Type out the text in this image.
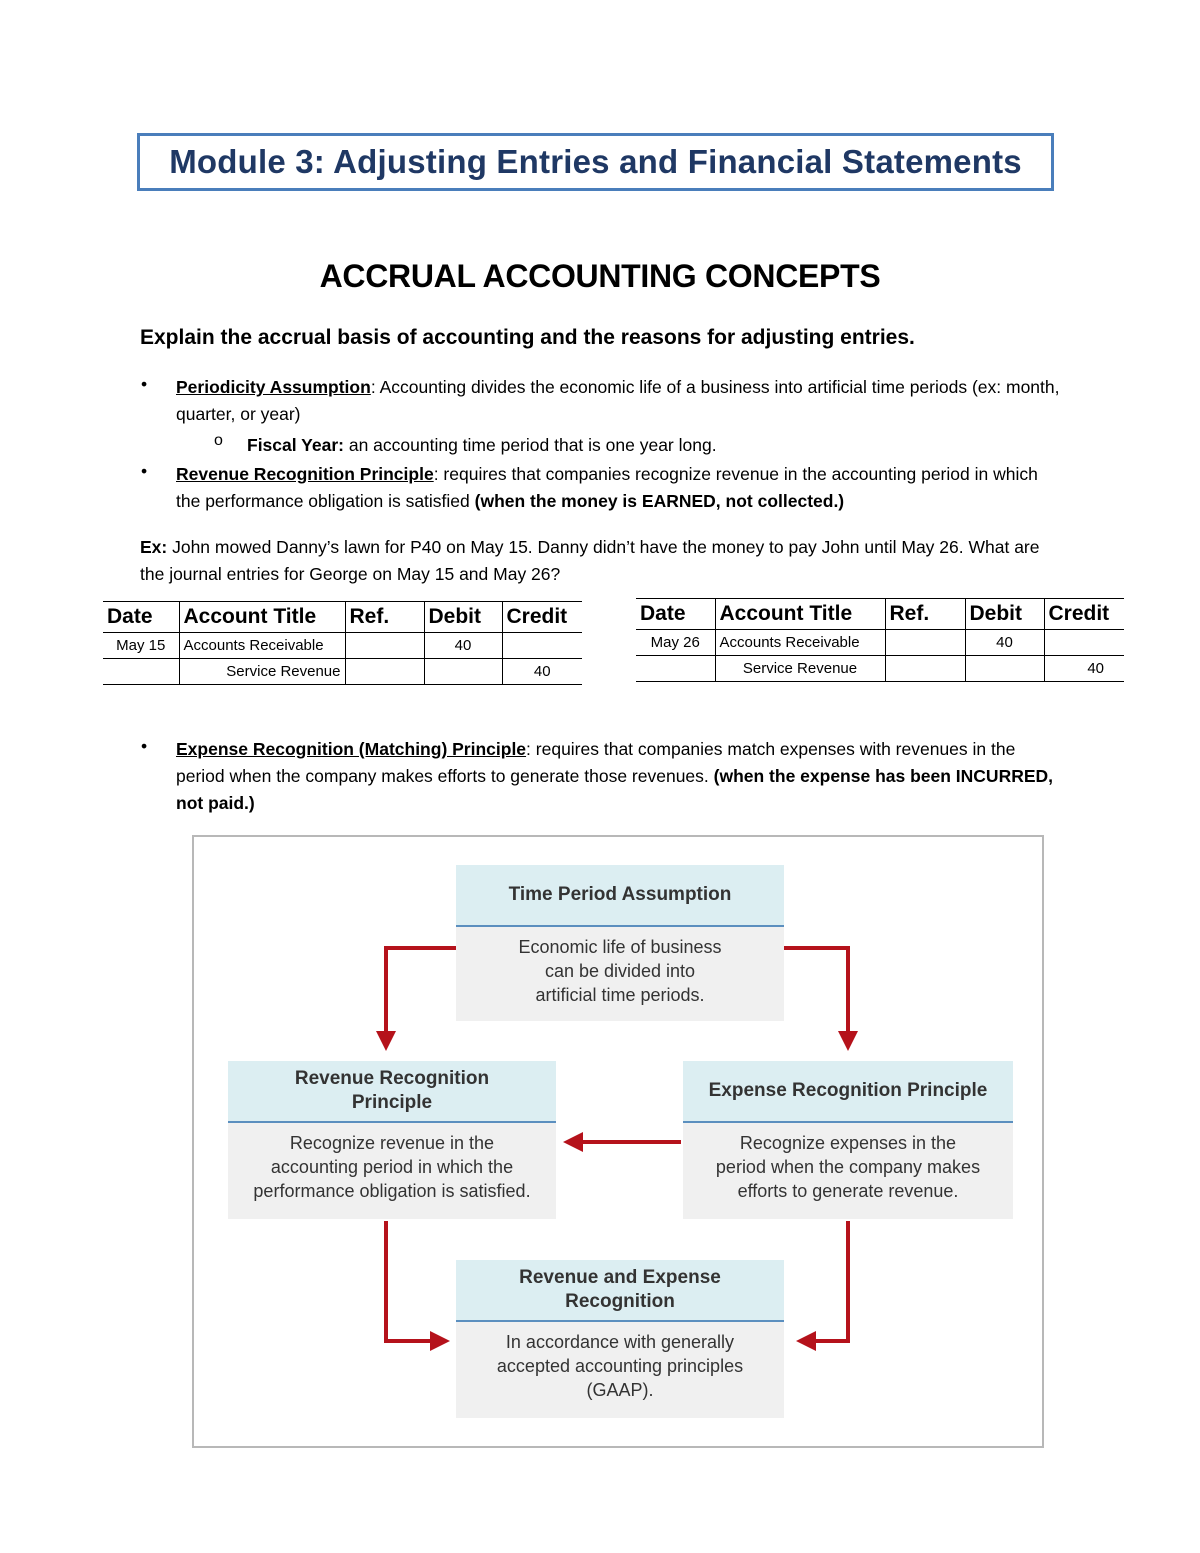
Module 3: Adjusting Entries and Financial Statements
ACCRUAL ACCOUNTING CONCEPTS
Explain the accrual basis of accounting and the reasons for adjusting entries.
• Periodicity Assumption: Accounting divides the economic life of a business into artificial time periods (ex: month, quarter, or year)
o Fiscal Year: an accounting time period that is one year long.
• Revenue Recognition Principle: requires that companies recognize revenue in the accounting period in which the performance obligation is satisfied (when the money is EARNED, not collected.)
Ex: John mowed Danny’s lawn for P40 on May 15. Danny didn’t have the money to pay John until May 26. What are the journal entries for George on May 15 and May 26?
Date	Account Title	Ref.	Debit	Credit
May 15	Accounts Receivable		40	
	Service Revenue			40
Date	Account Title	Ref.	Debit	Credit
May 26	Accounts Receivable		40	
	Service Revenue			40
• Expense Recognition (Matching) Principle: requires that companies match expenses with revenues in the period when the company makes efforts to generate those revenues. (when the expense has been INCURRED, not paid.)
Time Period Assumption
Economic life of business
can be divided into
artificial time periods.
Revenue Recognition
Principle
Recognize revenue in the
accounting period in which the
performance obligation is satisfied.
Expense Recognition Principle
Recognize expenses in the
period when the company makes
efforts to generate revenue.
Revenue and Expense
Recognition
In accordance with generally
accepted accounting principles
(GAAP).
